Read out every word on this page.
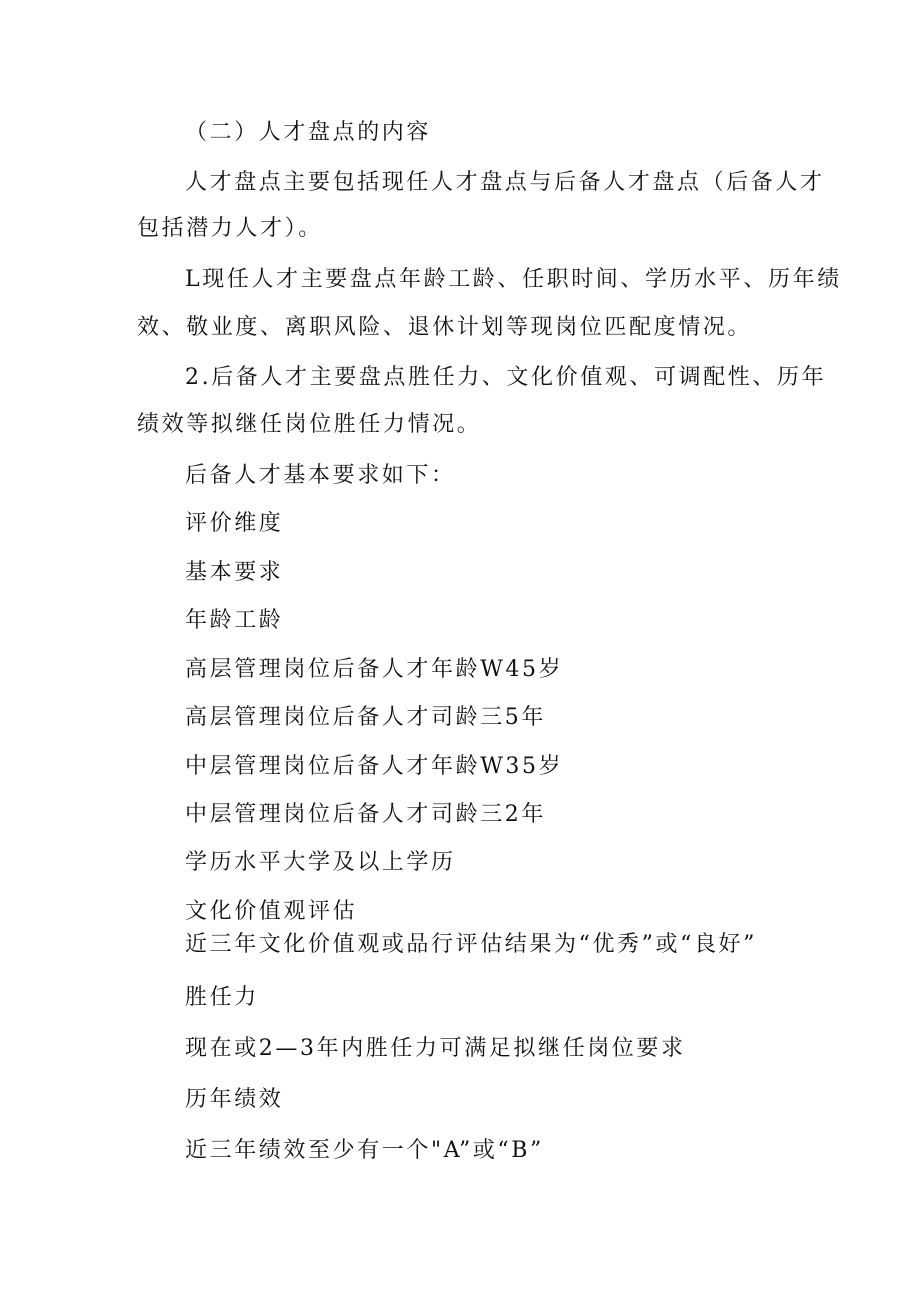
（二）人才盘点的内容

人才盘点主要包括现任人才盘点与后备人才盘点（后备人才

包括潜力人才）。

L现任人才主要盘点年龄工龄、任职时间、学历水平、历年绩

效、敬业度、离职风险、退休计划等现岗位匹配度情况。

2.后备人才主要盘点胜任力、文化价值观、可调配性、历年

绩效等拟继任岗位胜任力情况。

后备人才基本要求如下：

评价维度

基本要求

年龄工龄

高层管理岗位后备人才年龄W45岁

高层管理岗位后备人才司龄三5年

中层管理岗位后备人才年龄W35岁

中层管理岗位后备人才司龄三2年

学历水平大学及以上学历

文化价值观评估

近三年文化价值观或品行评估结果为“优秀”或“良好”

胜任力

现在或2—3年内胜任力可满足拟继任岗位要求

历年绩效

近三年绩效至少有一个"A”或“B”
